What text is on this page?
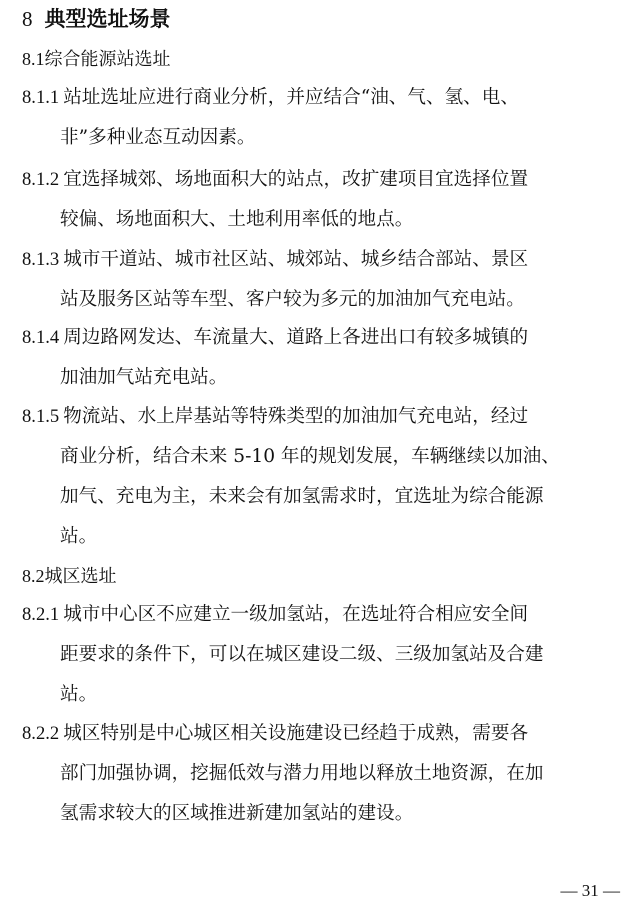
8 典型选址场景
8.1综合能源站选址
8.1.1 站址选址应进行商业分析，并应结合“油、气、氢、电、
非”多种业态互动因素。
8.1.2 宜选择城郊、场地面积大的站点，改扩建项目宜选择位置
较偏、场地面积大、土地利用率低的地点。
8.1.3 城市干道站、城市社区站、城郊站、城乡结合部站、景区
站及服务区站等车型、客户较为多元的加油加气充电站。
8.1.4 周边路网发达、车流量大、道路上各进出口有较多城镇的
加油加气站充电站。
8.1.5 物流站、水上岸基站等特殊类型的加油加气充电站，经过
商业分析，结合未来 5-10 年的规划发展，车辆继续以加油、
加气、充电为主，未来会有加氢需求时，宜选址为综合能源
站。
8.2城区选址
8.2.1 城市中心区不应建立一级加氢站，在选址符合相应安全间
距要求的条件下，可以在城区建设二级、三级加氢站及合建
站。
8.2.2 城区特别是中心城区相关设施建设已经趋于成熟，需要各
部门加强协调，挖掘低效与潜力用地以释放土地资源，在加
氢需求较大的区域推进新建加氢站的建设。
— 31 —
